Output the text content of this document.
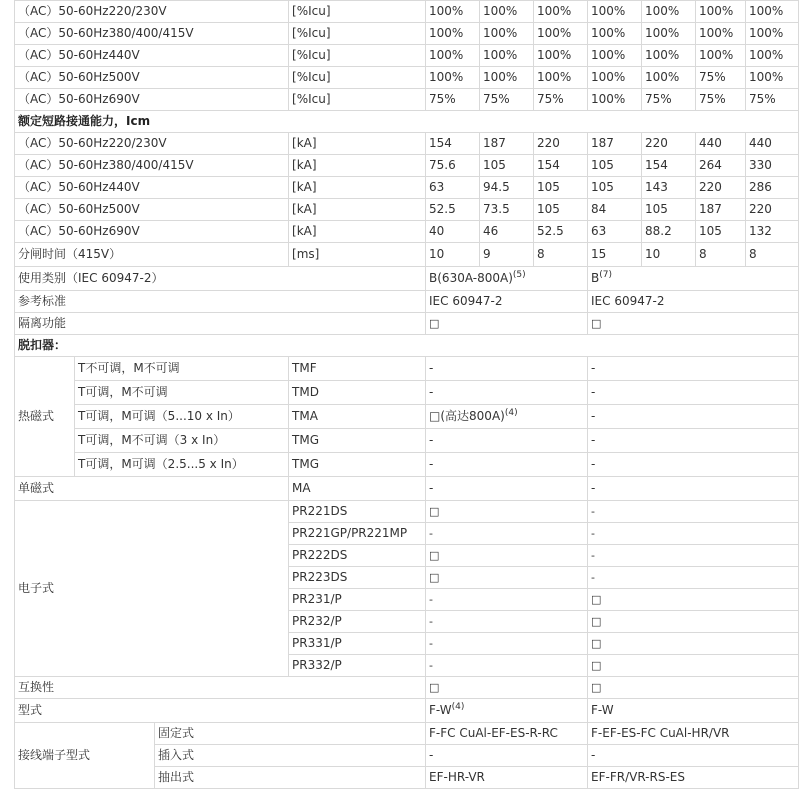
（AC）50-60Hz220/230V			[%Icu]	100%	100%	100%	100%	100%	100%	100%
（AC）50-60Hz380/400/415V			[%Icu]	100%	100%	100%	100%	100%	100%	100%
（AC）50-60Hz440V			[%Icu]	100%	100%	100%	100%	100%	100%	100%
（AC）50-60Hz500V			[%Icu]	100%	100%	100%	100%	100%	75%	100%
（AC）50-60Hz690V			[%Icu]	75%	75%	75%	100%	75%	75%	75%
额定短路接通能力，Icm										
（AC）50-60Hz220/230V			[kA]	154	187	220	187	220	440	440
（AC）50-60Hz380/400/415V			[kA]	75.6	105	154	105	154	264	330
（AC）50-60Hz440V			[kA]	63	94.5	105	105	143	220	286
（AC）50-60Hz500V			[kA]	52.5	73.5	105	84	105	187	220
（AC）50-60Hz690V			[kA]	40	46	52.5	63	88.2	105	132
分闸时间（415V）			[ms]	10	9	8	15	10	8	8
使用类别（IEC 60947-2）				$B(630A-800A)^{(5)}$			$B^{(7)}$
参考标准				IEC 60947-2			IEC 60947-2			
隔离功能				□			□			
脱扣器：										
热磁式	T不可调，M不可调		TMF	-			-			
	T可调，M不可调		TMD	-			-			
	T可调，M可调（5...10 x In）		TMA	□(高达800A)$^{(4)}$			-			
	T可调，M不可调（3 x In）		TMG	-			-			
	T可调，M可调（2.5...5 x In）		TMG	-			-			
单磁式			MA	-			-			
电子式			PR221DS	□			-			
			PR221GP/PR221MP	-			-			
			PR222DS	□			-			
			PR223DS	□			-			
			PR231/P	-			□			
			PR232/P	-			□			
			PR331/P	-			□			
			PR332/P	-			□			
互换性				□			□			
型式				$F-W^{(4)}$			F-W			
接线端子型式		固定式		F-FC CuAl-EF-ES-R-RC			F-EF-ES-FC CuAl-HR/VR			
		插入式		-			-			
		抽出式		EF-HR-VR			EF-FR/VR-RS-ES			
